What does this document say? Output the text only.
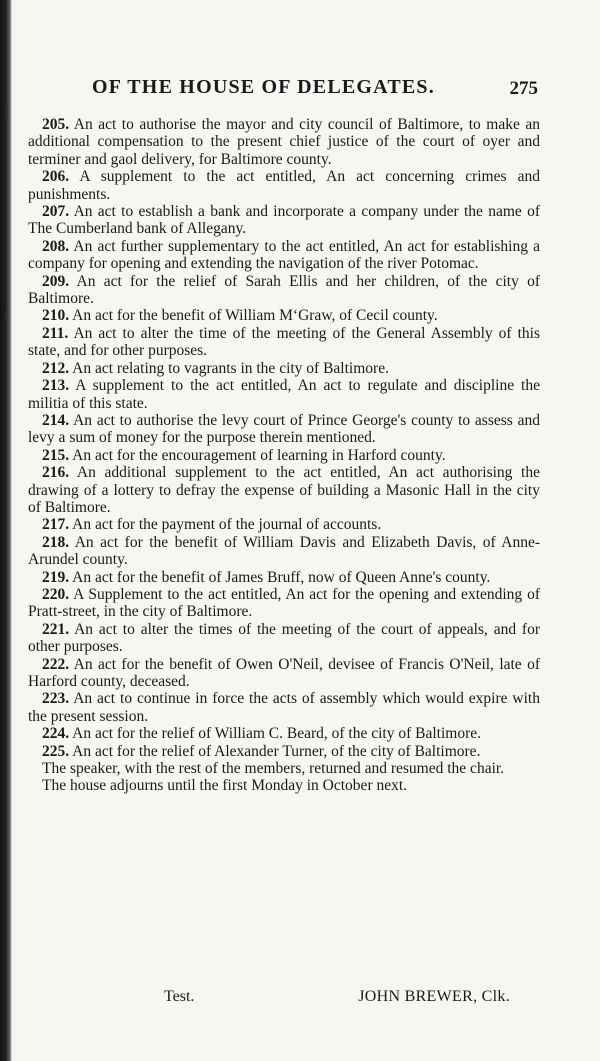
:
:
OF THE HOUSE OF DELEGATES.	275

205. An act to authorise the mayor and city council of Baltimore, to make an additional compensation to the present chief justice of the court of oyer and terminer and gaol delivery, for Baltimore county.

206. A supplement to the act entitled, An act concerning crimes and punishments.

207. An act to establish a bank and incorporate a company under the name of The Cumberland bank of Allegany.

208. An act further supplementary to the act entitled, An act for establishing a company for opening and extending the navigation of the river Potomac.

209. An act for the relief of Sarah Ellis and her children, of the city of Baltimore.

210. An act for the benefit of William M‘Graw, of Cecil county.

211. An act to alter the time of the meeting of the General Assembly of this state, and for other purposes.

212. An act relating to vagrants in the city of Baltimore.

213. A supplement to the act entitled, An act to regulate and discipline the militia of this state.

214. An act to authorise the levy court of Prince George's county to assess and levy a sum of money for the purpose therein mentioned.

215. An act for the encouragement of learning in Harford county.

216. An additional supplement to the act entitled, An act authorising the drawing of a lottery to defray the expense of building a Masonic Hall in the city of Baltimore.

217. An act for the payment of the journal of accounts.

218. An act for the benefit of William Davis and Elizabeth Davis, of Anne-Arundel county.

219. An act for the benefit of James Bruff, now of Queen Anne's county.

220. A Supplement to the act entitled, An act for the opening and extending of Pratt-street, in the city of Baltimore.

221. An act to alter the times of the meeting of the court of appeals, and for other purposes.

222. An act for the benefit of Owen O'Neil, devisee of Francis O'Neil, late of Harford county, deceased.

223. An act to continue in force the acts of assembly which would expire with the present session.

224. An act for the relief of William C. Beard, of the city of Baltimore.

225. An act for the relief of Alexander Turner, of the city of Baltimore.

The speaker, with the rest of the members, returned and resumed the chair.

The house adjourns until the first Monday in October next.

Test.	JOHN BREWER, Clk.
